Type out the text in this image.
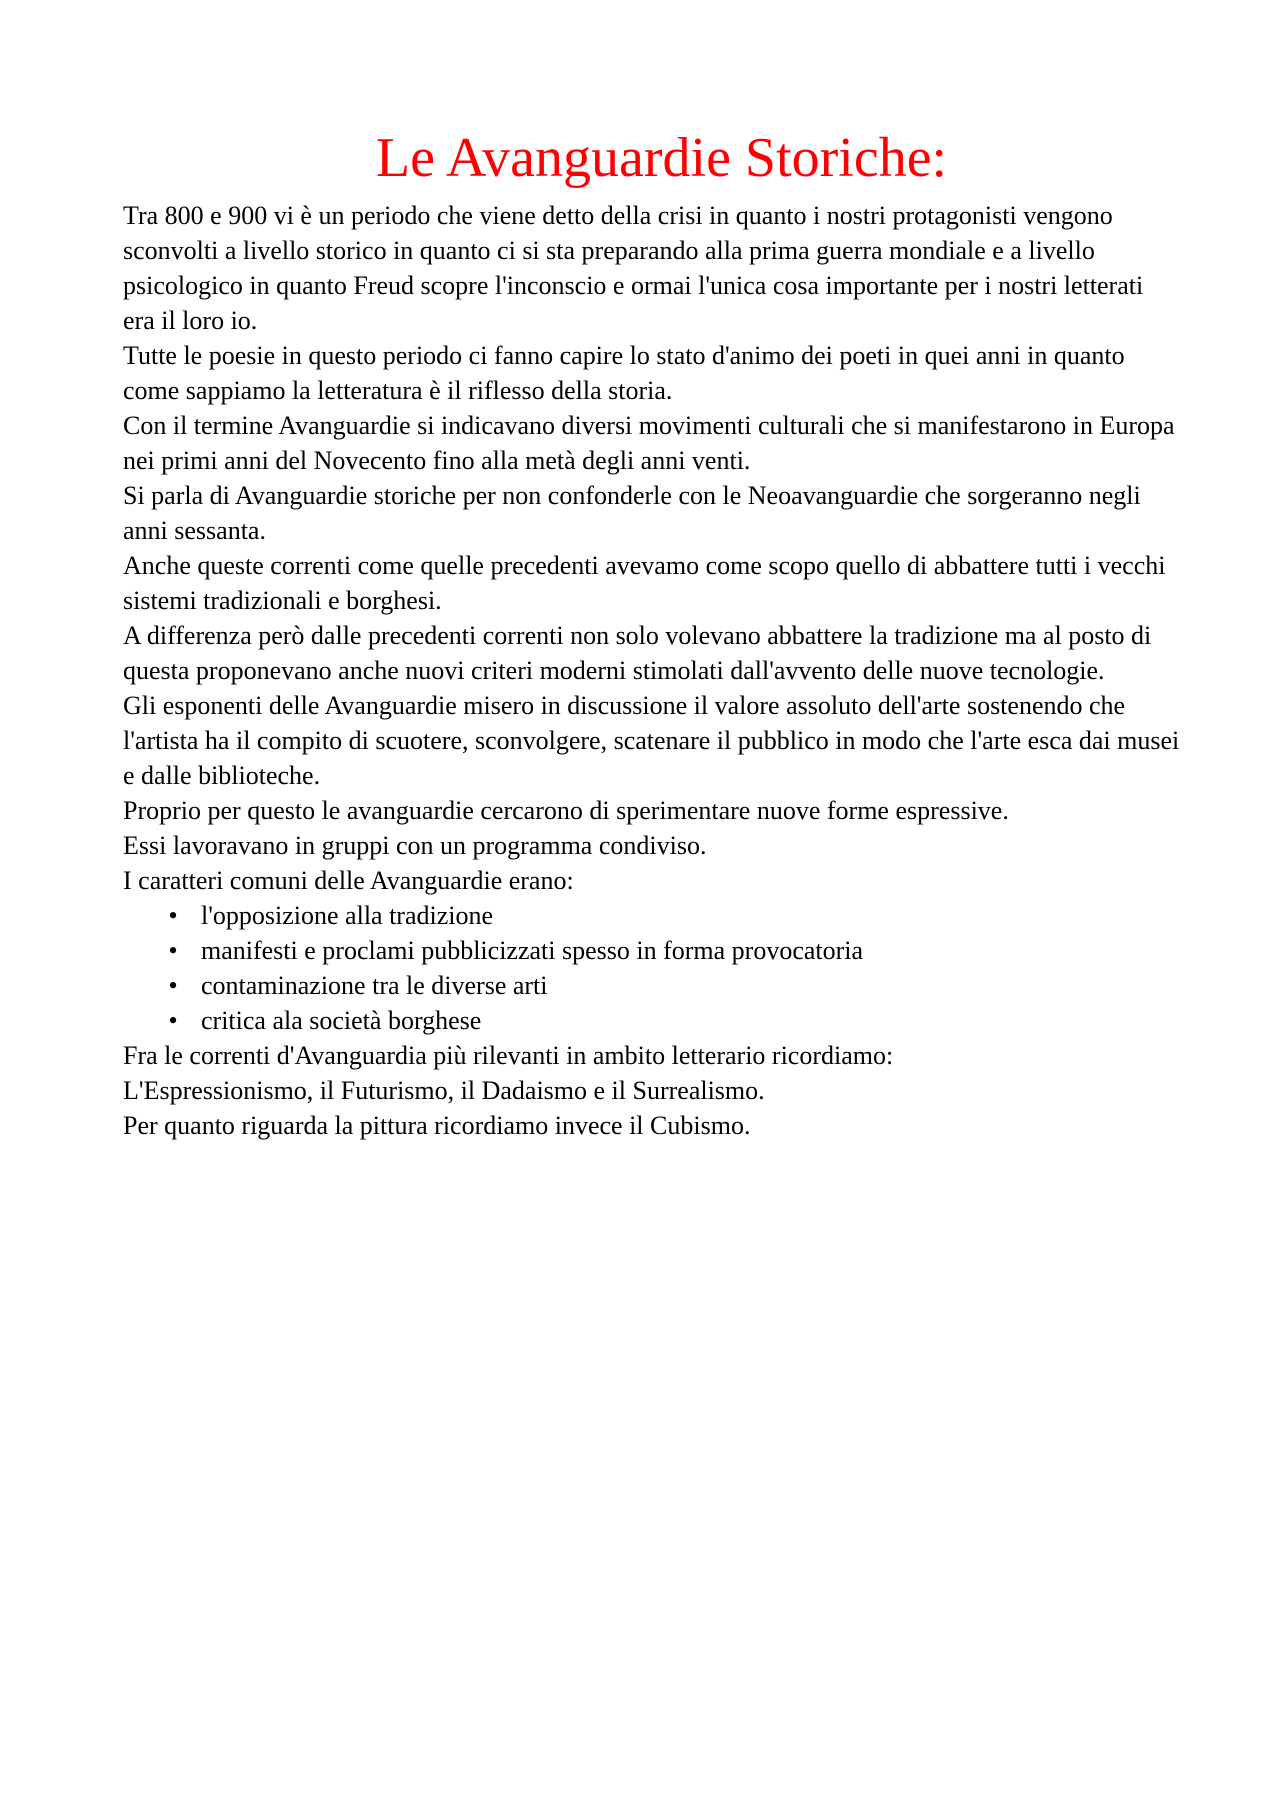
Le Avanguardie Storiche:

Tra 800 e 900 vi è un periodo che viene detto della crisi in quanto i nostri protagonisti vengono sconvolti a livello storico in quanto ci si sta preparando alla prima guerra mondiale e a livello psicologico in quanto Freud scopre l'inconscio e ormai l'unica cosa importante per i nostri letterati era il loro io.

Tutte le poesie in questo periodo ci fanno capire lo stato d'animo dei poeti in quei anni in quanto come sappiamo la letteratura è il riflesso della storia.

Con il termine Avanguardie si indicavano diversi movimenti culturali che si manifestarono in Europa nei primi anni del Novecento fino alla metà degli anni venti.

Si parla di Avanguardie storiche per non confonderle con le Neoavanguardie che sorgeranno negli anni sessanta.

Anche queste correnti come quelle precedenti avevamo come scopo quello di abbattere tutti i vecchi sistemi tradizionali e borghesi.

A differenza però dalle precedenti correnti non solo volevano abbattere la tradizione ma al posto di questa proponevano anche nuovi criteri moderni stimolati dall'avvento delle nuove tecnologie.

Gli esponenti delle Avanguardie misero in discussione il valore assoluto dell'arte sostenendo che l'artista ha il compito di scuotere, sconvolgere, scatenare il pubblico in modo che l'arte esca dai musei e dalle biblioteche.

Proprio per questo le avanguardie cercarono di sperimentare nuove forme espressive.

Essi lavoravano in gruppi con un programma condiviso.

I caratteri comuni delle Avanguardie erano:

• l'opposizione alla tradizione
• manifesti e proclami pubblicizzati spesso in forma provocatoria
• contaminazione tra le diverse arti
• critica ala società borghese

Fra le correnti d'Avanguardia più rilevanti in ambito letterario ricordiamo:

L'Espressionismo, il Futurismo, il Dadaismo e il Surrealismo.

Per quanto riguarda la pittura ricordiamo invece il Cubismo.
